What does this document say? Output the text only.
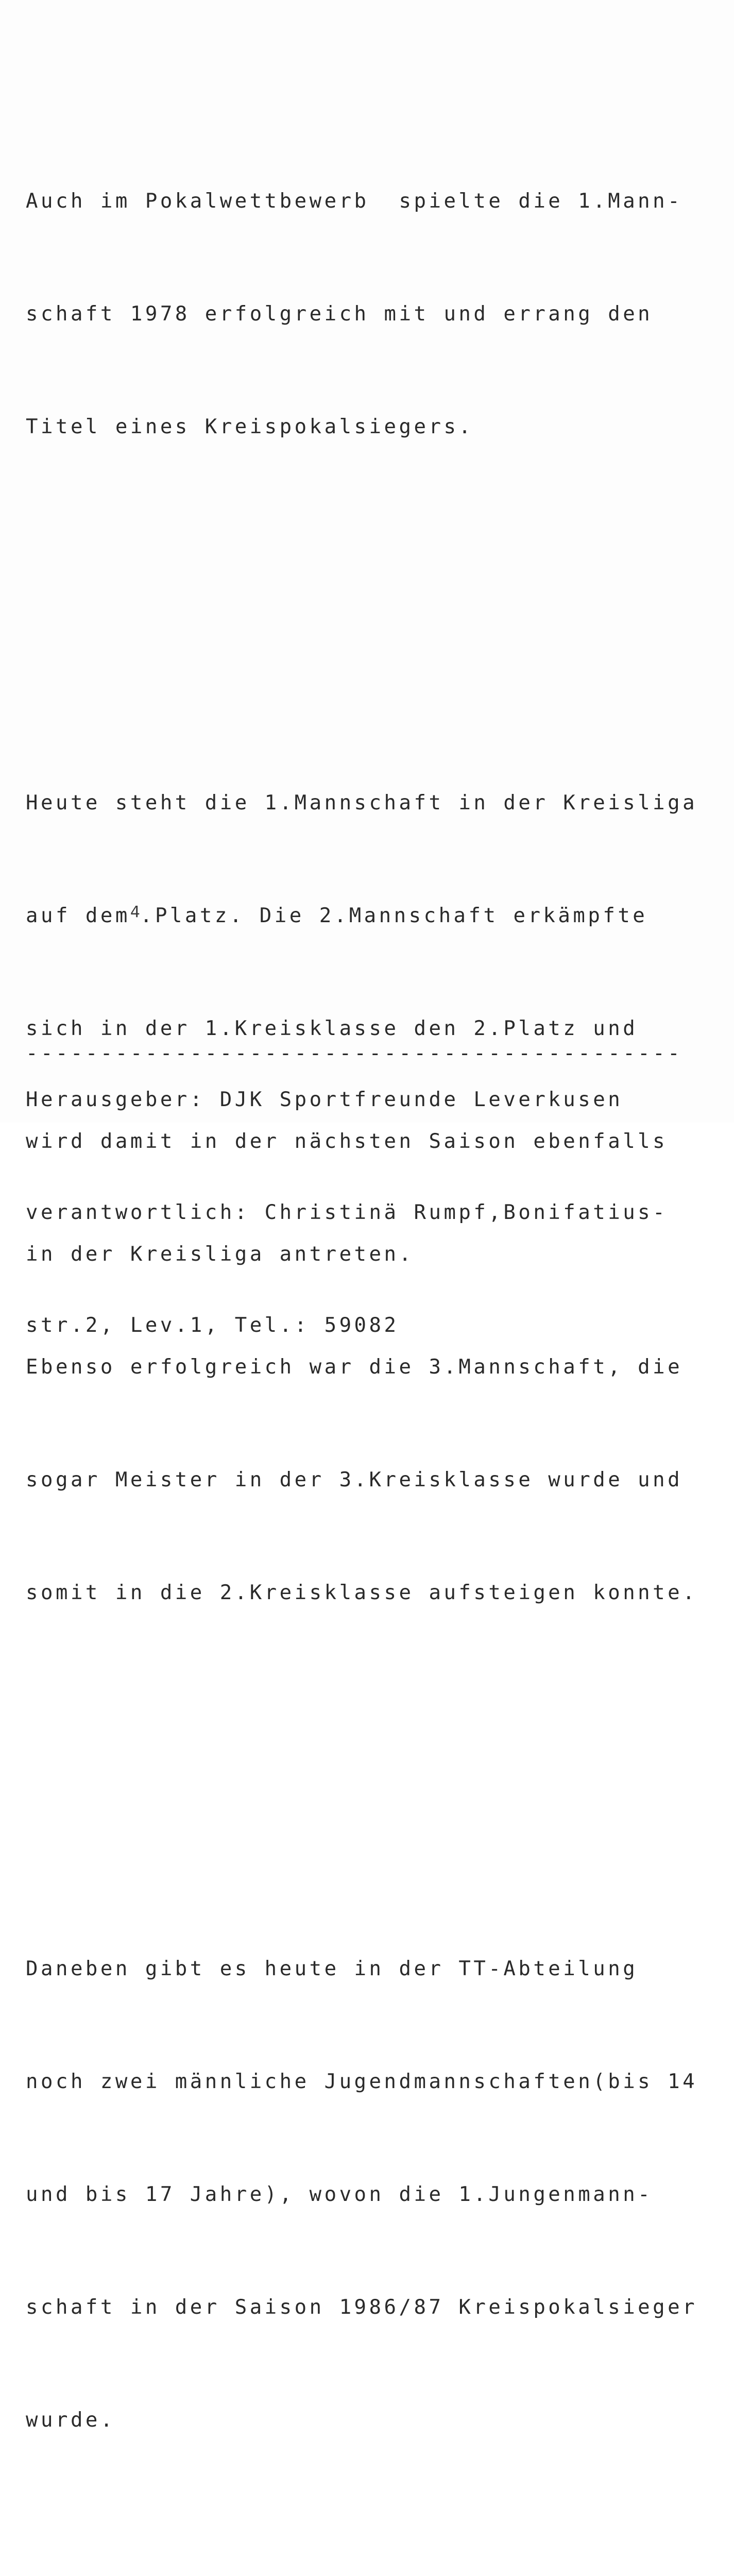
Auch im Pokalwettbewerb  spielte die 1.Mann-

schaft 1978 erfolgreich mit und errang den

Titel eines Kreispokalsiegers.

Heute steht die 1.Mannschaft in der Kreisliga

auf dem$^4$.Platz. Die 2.Mannschaft erkämpfte

sich in der 1.Kreisklasse den 2.Platz und

wird damit in der nächsten Saison ebenfalls

in der Kreisliga antreten.

Ebenso erfolgreich war die 3.Mannschaft, die

sogar Meister in der 3.Kreisklasse wurde und

somit in die 2.Kreisklasse aufsteigen konnte.

Daneben gibt es heute in der TT-Abteilung

noch zwei männliche Jugendmannschaften(bis 14

und bis 17 Jahre), wovon die 1.Jungenmann-

schaft in der Saison 1986/87 Kreispokalsieger

wurde.

--------------------------------------------

Herausgeber: DJK Sportfreunde Leverkusen

verantwortlich: Christinä Rumpf,Bonifatius-

str.2, Lev.1, Tel.: 59082
